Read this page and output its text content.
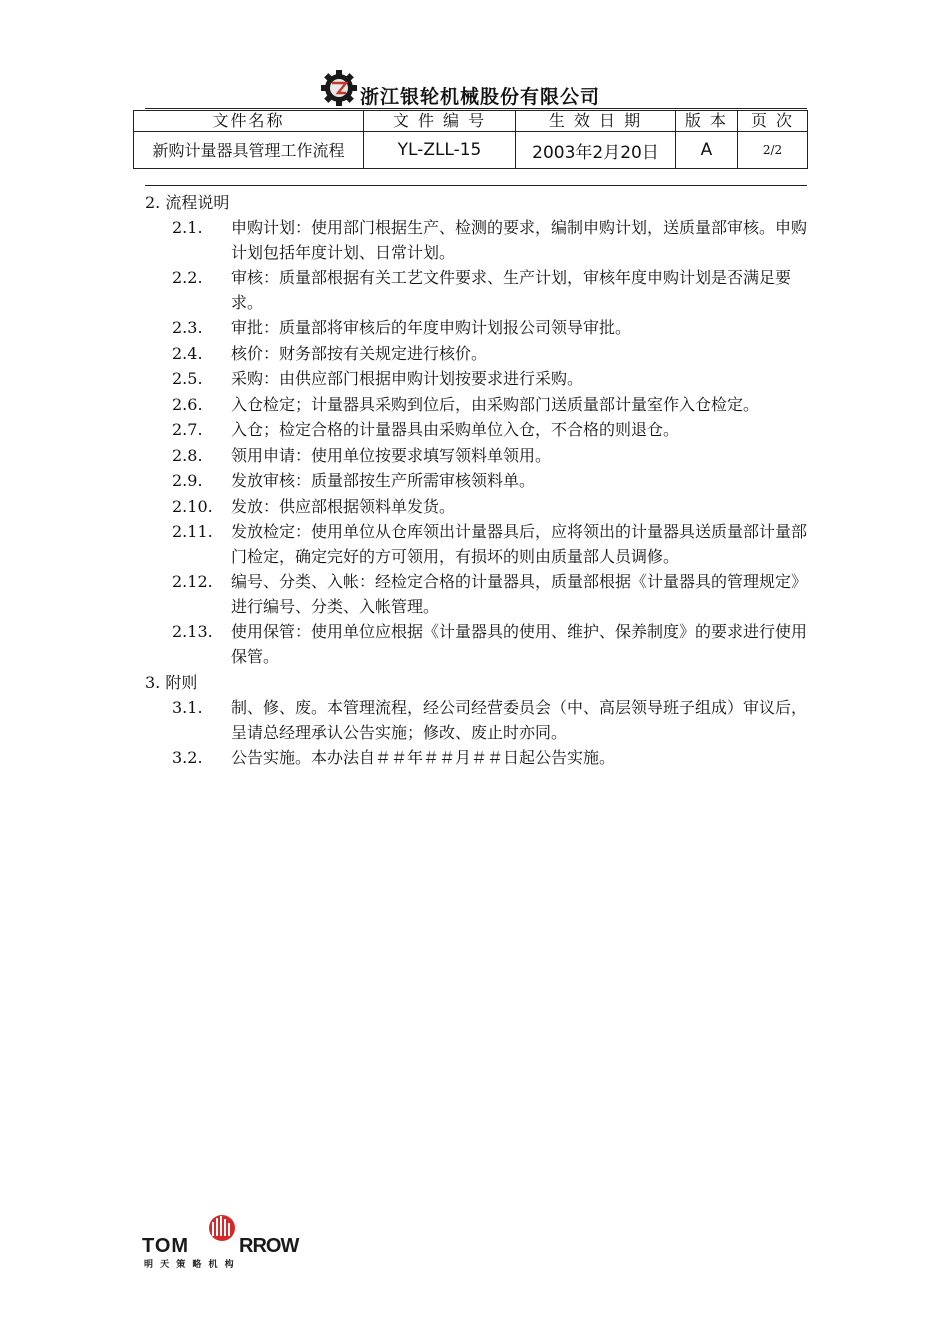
浙江银轮机械股份有限公司
文件名称	文 件 编 号	生 效 日 期	版 本	页 次
新购计量器具管理工作流程	YL-ZLL-15	2003年2月20日	A	2/2
2. 流程说明
2.1. 申购计划：使用部门根据生产、检测的要求，编制申购计划，送质量部审核。申购计划包括年度计划、日常计划。
2.2. 审核：质量部根据有关工艺文件要求、生产计划，审核年度申购计划是否满足要求。
2.3. 审批：质量部将审核后的年度申购计划报公司领导审批。
2.4. 核价：财务部按有关规定进行核价。
2.5. 采购：由供应部门根据申购计划按要求进行采购。
2.6. 入仓检定；计量器具采购到位后，由采购部门送质量部计量室作入仓检定。
2.7. 入仓；检定合格的计量器具由采购单位入仓，不合格的则退仓。
2.8. 领用申请：使用单位按要求填写领料单领用。
2.9. 发放审核：质量部按生产所需审核领料单。
2.10. 发放：供应部根据领料单发货。
2.11. 发放检定：使用单位从仓库领出计量器具后，应将领出的计量器具送质量部计量部门检定，确定完好的方可领用，有损坏的则由质量部人员调修。
2.12. 编号、分类、入帐：经检定合格的计量器具，质量部根据《计量器具的管理规定》进行编号、分类、入帐管理。
2.13. 使用保管：使用单位应根据《计量器具的使用、维护、保养制度》的要求进行使用保管。
3. 附则
3.1. 制、修、废。本管理流程，经公司经营委员会（中、高层领导班子组成）审议后，呈请总经理承认公告实施；修改、废止时亦同。
3.2. 公告实施。本办法自＃＃年＃＃月＃＃日起公告实施。
TOM RROW
明 天 策 略 机 构
